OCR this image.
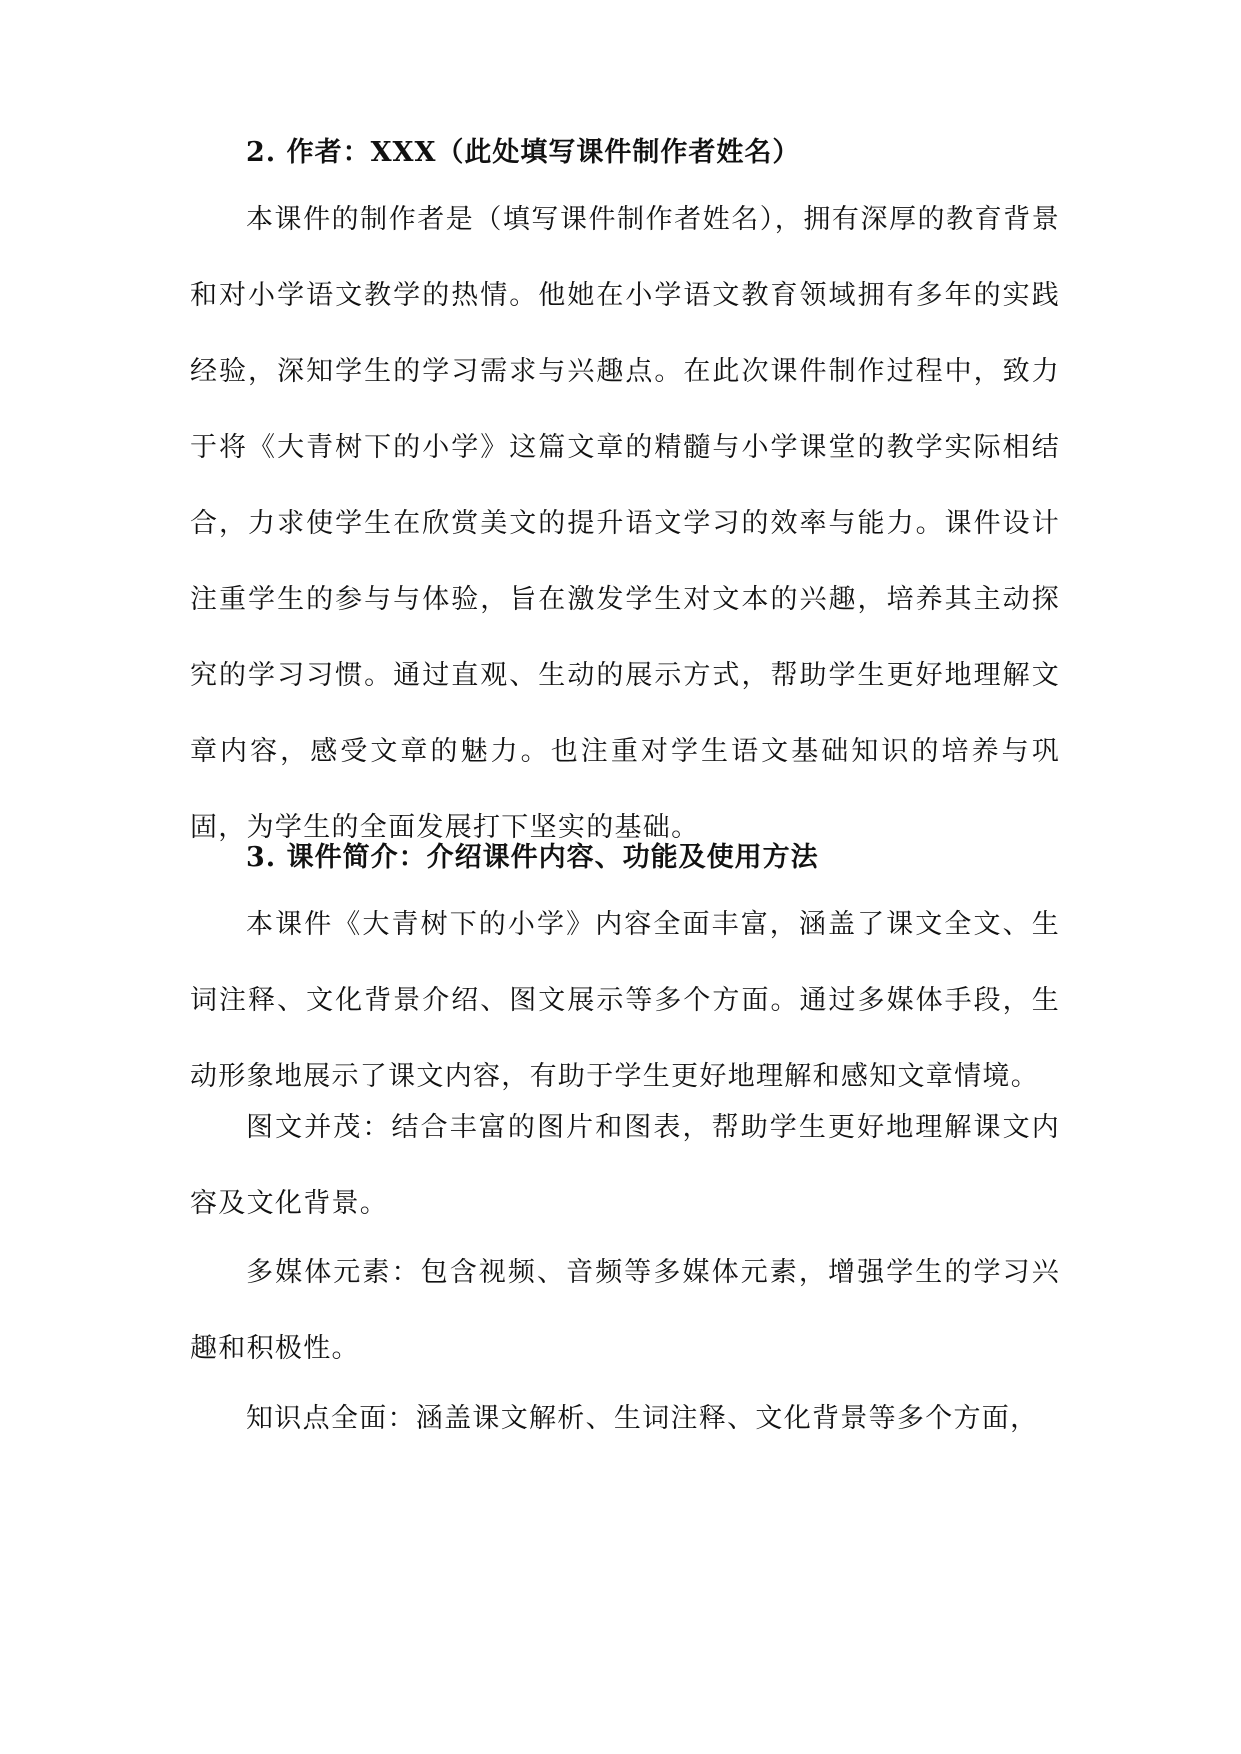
2. 作者：XXX（此处填写课件制作者姓名）
本课件的制作者是（填写课件制作者姓名），拥有深厚的教育背景和对小学语文教学的热情。他她在小学语文教育领域拥有多年的实践经验，深知学生的学习需求与兴趣点。在此次课件制作过程中，致力于将《大青树下的小学》这篇文章的精髓与小学课堂的教学实际相结合，力求使学生在欣赏美文的提升语文学习的效率与能力。课件设计注重学生的参与与体验，旨在激发学生对文本的兴趣，培养其主动探究的学习习惯。通过直观、生动的展示方式，帮助学生更好地理解文章内容，感受文章的魅力。也注重对学生语文基础知识的培养与巩固，为学生的全面发展打下坚实的基础。
3. 课件简介：介绍课件内容、功能及使用方法
本课件《大青树下的小学》内容全面丰富，涵盖了课文全文、生词注释、文化背景介绍、图文展示等多个方面。通过多媒体手段，生动形象地展示了课文内容，有助于学生更好地理解和感知文章情境。
图文并茂：结合丰富的图片和图表，帮助学生更好地理解课文内容及文化背景。
多媒体元素：包含视频、音频等多媒体元素，增强学生的学习兴趣和积极性。
知识点全面：涵盖课文解析、生词注释、文化背景等多个方面，
